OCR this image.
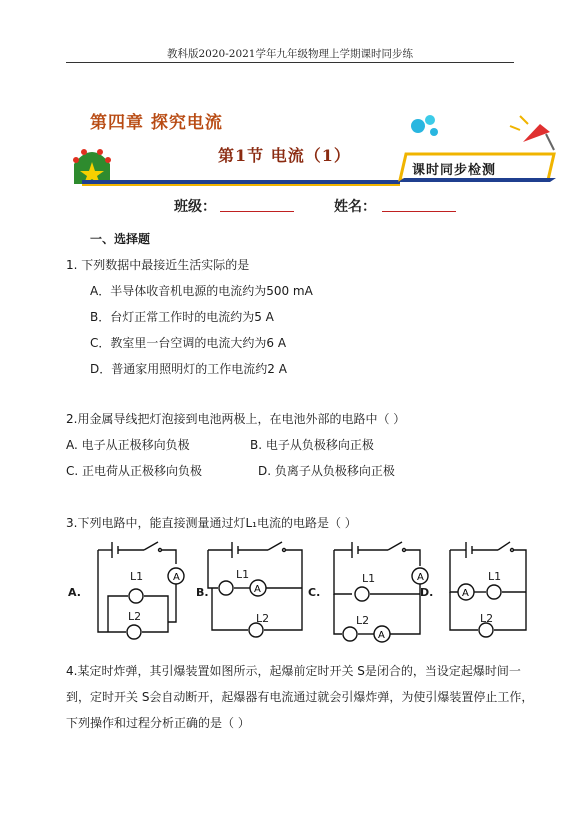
教科版2020-2021学年九年级物理上学期课时同步练
第四章 探究电流
第1节 电流（1）
课时同步检测
班级：	姓名：
一、选择题
1. 下列数据中最接近生活实际的是
A．半导体收音机电源的电流约为500 mA
B．台灯正常工作时的电流约为5 A
C．教室里一台空调的电流大约为6 A
D．普通家用照明灯的工作电流约2 A
2.用金属导线把灯泡接到电池两极上，在电池外部的电路中（ ）
A. 电子从正极移向负极	B. 电子从负极移向正极
C. 正电荷从正极移向负极	D. 负离子从负极移向正极
3.下列电路中，能直接测量通过灯L₁电流的电路是（ ）
A
A
A
A
A
A.	B.	C.	D.
L1
L2
L1
L2
L1
L2
L1
L2
4.某定时炸弹，其引爆装置如图所示，起爆前定时开关 S是闭合的，当设定起爆时间一
到，定时开关 S会自动断开，起爆器有电流通过就会引爆炸弹，为使引爆装置停止工作，
下列操作和过程分析正确的是（ ）
